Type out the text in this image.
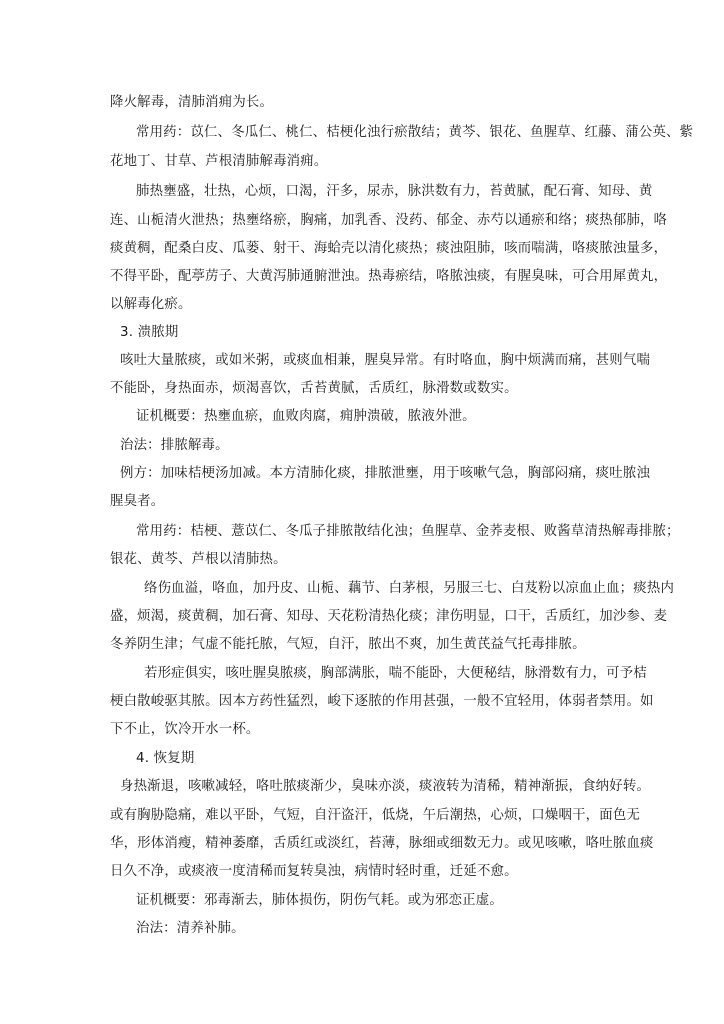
降火解毒，清肺消痈为长。
常用药：苡仁、冬瓜仁、桃仁、桔梗化浊行瘀散结；黄芩、银花、鱼腥草、红藤、蒲公英、紫
花地丁、甘草、芦根清肺解毒消痈。
肺热壅盛，壮热，心烦，口渴，汗多，尿赤，脉洪数有力，苔黄腻，配石膏、知母、黄
连、山栀清火泄热；热壅络瘀，胸痛，加乳香、没药、郁金、赤芍以通瘀和络；痰热郁肺，咯
痰黄稠，配桑白皮、瓜蒌、射干、海蛤壳以清化痰热；痰浊阻肺，咳而喘满，咯痰脓浊量多，
不得平卧，配葶苈子、大黄泻肺通腑泄浊。热毒瘀结，咯脓浊痰，有腥臭味，可合用犀黄丸，
以解毒化瘀。
3. 溃脓期
咳吐大量脓痰，或如米粥，或痰血相兼，腥臭异常。有时咯血，胸中烦满而痛，甚则气喘
不能卧，身热面赤，烦渴喜饮，舌苔黄腻，舌质红，脉滑数或数实。
证机概要：热壅血瘀，血败肉腐，痈肿溃破，脓液外泄。
治法：排脓解毒。
例方：加味桔梗汤加减。本方清肺化痰，排脓泄壅，用于咳嗽气急，胸部闷痛，痰吐脓浊
腥臭者。
常用药：桔梗、薏苡仁、冬瓜子排脓散结化浊；鱼腥草、金荞麦根、败酱草清热解毒排脓；
银花、黄芩、芦根以清肺热。
络伤血溢，咯血，加丹皮、山栀、藕节、白茅根，另服三七、白芨粉以凉血止血；痰热内
盛，烦渴，痰黄稠，加石膏、知母、天花粉清热化痰；津伤明显，口干，舌质红，加沙参、麦
冬养阴生津；气虚不能托脓，气短，自汗，脓出不爽，加生黄芪益气托毒排脓。
若形症俱实，咳吐腥臭脓痰，胸部满胀，喘不能卧，大便秘结，脉滑数有力，可予桔
梗白散峻驱其脓。因本方药性猛烈，峻下逐脓的作用甚强，一般不宜轻用，体弱者禁用。如
下不止，饮冷开水一杯。
4. 恢复期
身热渐退，咳嗽减轻，咯吐脓痰渐少，臭味亦淡，痰液转为清稀，精神渐振，食纳好转。
或有胸胁隐痛，难以平卧，气短，自汗盗汗，低烧，午后潮热，心烦，口燥咽干，面色无
华，形体消瘦，精神萎靡，舌质红或淡红，苔薄，脉细或细数无力。或见咳嗽，咯吐脓血痰
日久不净，或痰液一度清稀而复转臭浊，病情时轻时重，迁延不愈。
证机概要：邪毒渐去，肺体损伤，阴伤气耗。或为邪恋正虚。
治法：清养补肺。
